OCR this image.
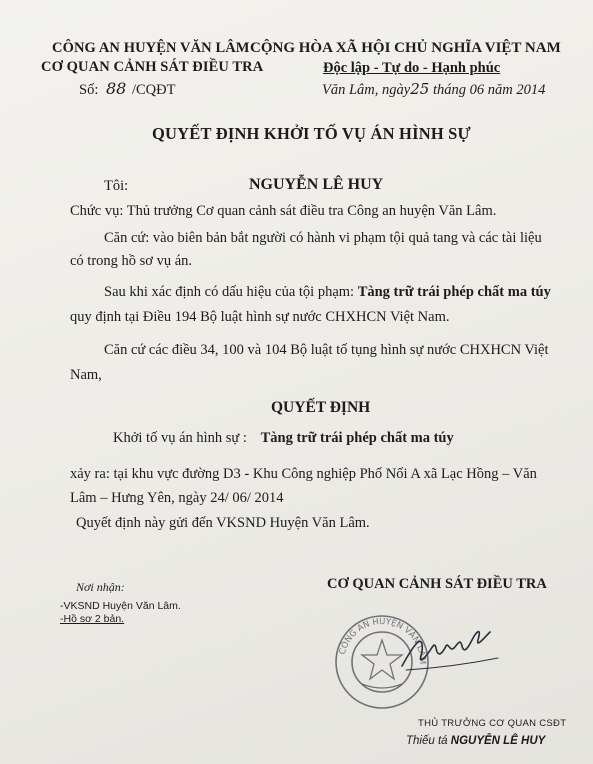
CÔNG AN HUYỆN VĂN LÂM
CƠ QUAN CẢNH SÁT ĐIỀU TRA
Số: 88 /CQĐT
CỘNG HÒA XÃ HỘI CHỦ NGHĨA VIỆT NAM
Độc lập - Tự do - Hạnh phúc
Văn Lâm, ngày25 tháng 06 năm 2014
QUYẾT ĐỊNH KHỞI TỐ VỤ ÁN HÌNH SỰ
Tôi:	NGUYỄN LÊ HUY
Chức vụ: Thủ trưởng Cơ quan cảnh sát điều tra Công an huyện Văn Lâm.
Căn cứ: vào biên bản bắt người có hành vi phạm tội quả tang và các tài liệu
có trong hồ sơ vụ án.
Sau khi xác định có dấu hiệu của tội phạm: Tàng trữ trái phép chất ma túy
quy định tại Điều 194 Bộ luật hình sự nước CHXHCN Việt Nam.
Căn cứ các điều 34, 100 và 104 Bộ luật tố tụng hình sự nước CHXHCN Việt
Nam,
QUYẾT ĐỊNH
Khởi tố vụ án hình sự : Tàng trữ trái phép chất ma túy
xảy ra: tại khu vực đường D3 - Khu Công nghiệp Phố Nối A xã Lạc Hồng – Văn
Lâm – Hưng Yên, ngày 24/ 06/ 2014
Quyết định này gửi đến VKSND Huyện Văn Lâm.
Nơi nhận:
-VKSND Huyện Văn Lâm.
-Hồ sơ 2 bản.
CƠ QUAN CẢNH SÁT ĐIỀU TRA
CÔNG AN HUYỆN VĂN LÂM
THỦ TRƯỞNG CƠ QUAN CSĐT
Thiếu tá NGUYỄN LÊ HUY
